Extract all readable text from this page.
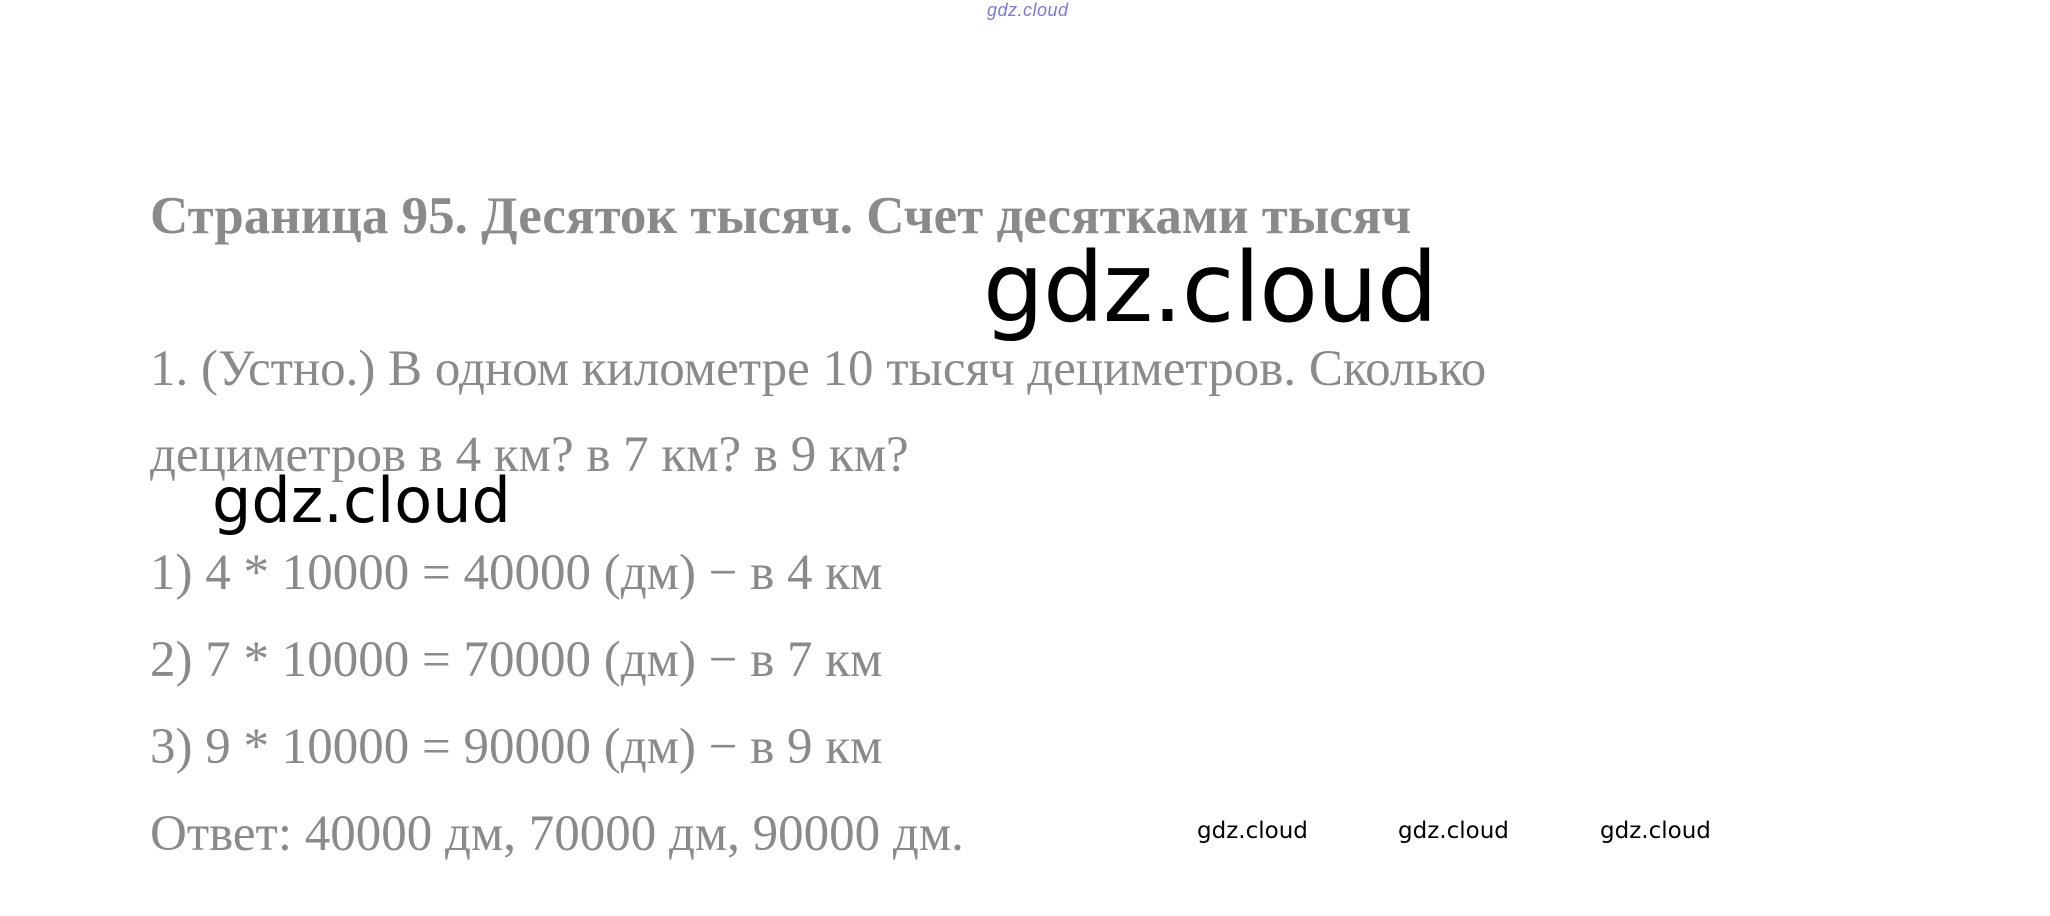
gdz.cloud
Страница 95. Десяток тысяч. Счет десятками тысяч
1. (Устно.) В одном километре 10 тысяч дециметров. Сколько
дециметров в 4 км? в 7 км? в 9 км?
gdz.cloud
gdz.cloud
1) 4 * 10000 = 40000 (дм) − в 4 км
2) 7 * 10000 = 70000 (дм) − в 7 км
3) 9 * 10000 = 90000 (дм) − в 9 км
Ответ: 40000 дм, 70000 дм, 90000 дм.	gdz.cloud	gdz.cloud	gdz.cloud
